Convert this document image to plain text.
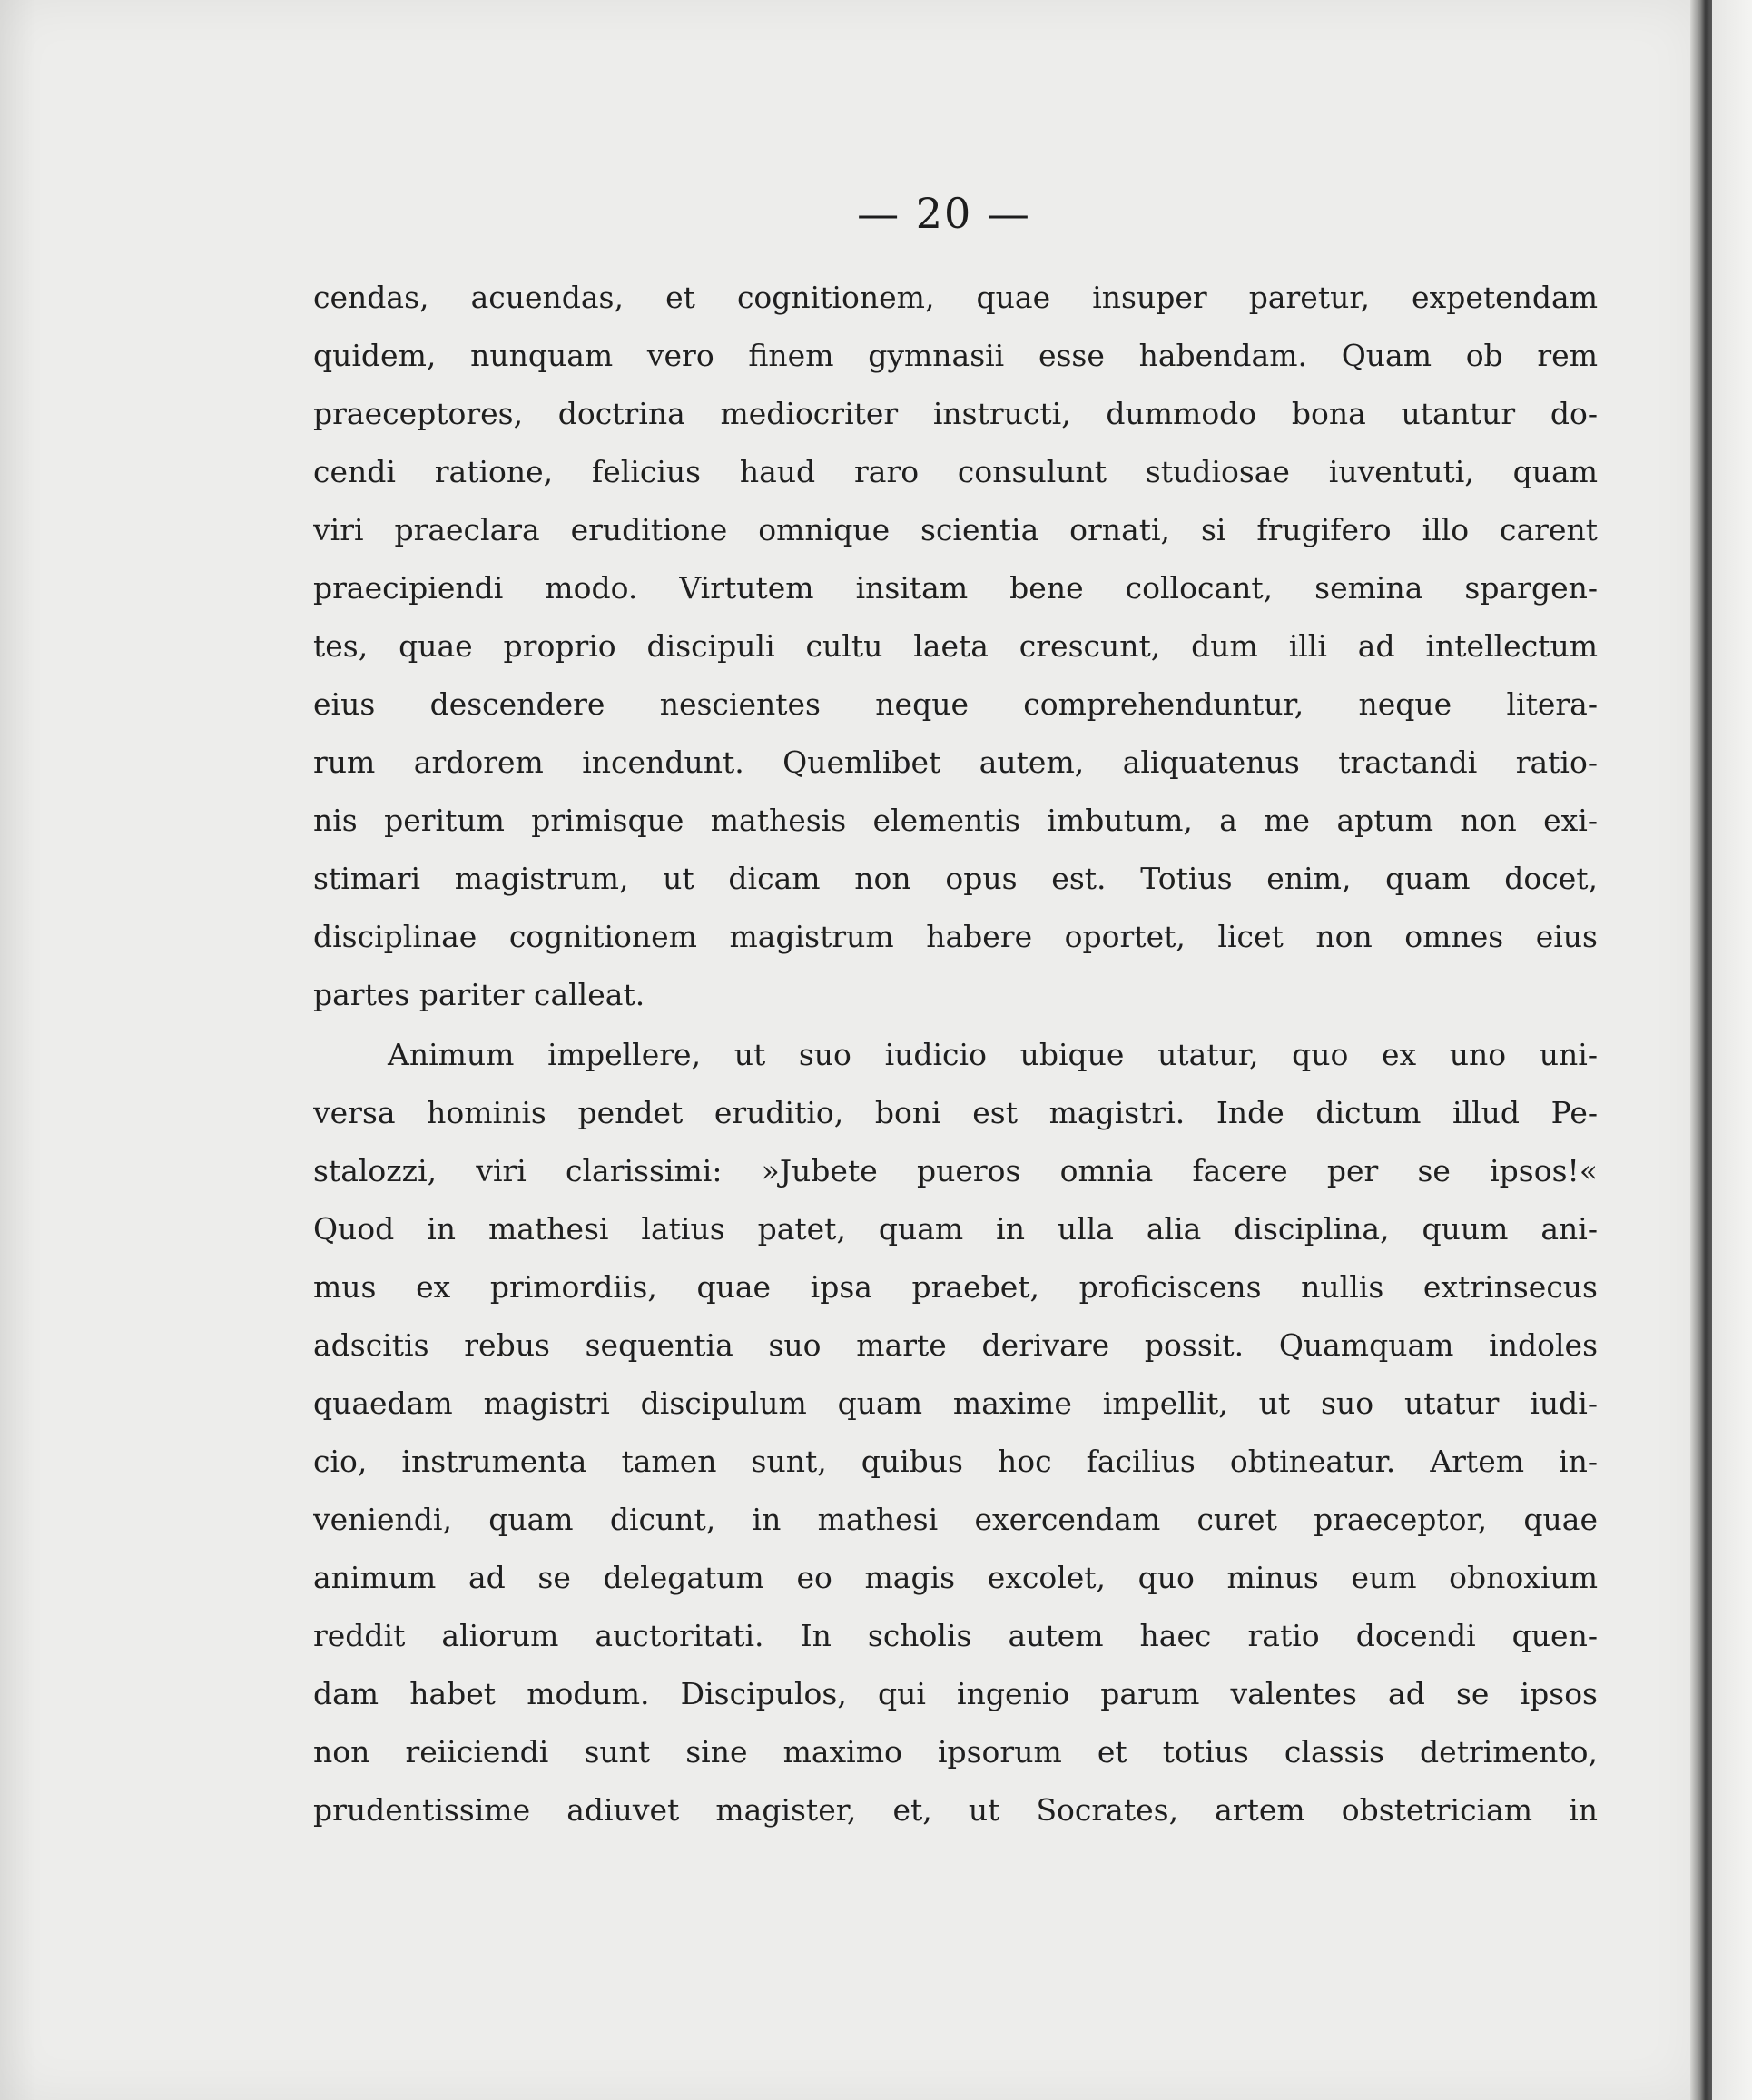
— 20 —
cendas, acuendas, et cognitionem, quae insuper paretur, expetendam
quidem, nunquam vero finem gymnasii esse habendam. Quam ob rem
praeceptores, doctrina mediocriter instructi, dummodo bona utantur do-
cendi ratione, felicius haud raro consulunt studiosae iuventuti, quam
viri praeclara eruditione omnique scientia ornati, si frugifero illo carent
praecipiendi modo. Virtutem insitam bene collocant, semina spargen-
tes, quae proprio discipuli cultu laeta crescunt, dum illi ad intellectum
eius descendere nescientes neque comprehenduntur, neque litera-
rum ardorem incendunt. Quemlibet autem, aliquatenus tractandi ratio-
nis peritum primisque mathesis elementis imbutum, a me aptum non exi-
stimari magistrum, ut dicam non opus est. Totius enim, quam docet,
disciplinae cognitionem magistrum habere oportet, licet non omnes eius
partes pariter calleat.
Animum impellere, ut suo iudicio ubique utatur, quo ex uno uni-
versa hominis pendet eruditio, boni est magistri. Inde dictum illud Pe-
stalozzi, viri clarissimi: »Jubete pueros omnia facere per se ipsos!«
Quod in mathesi latius patet, quam in ulla alia disciplina, quum ani-
mus ex primordiis, quae ipsa praebet, proficiscens nullis extrinsecus
adscitis rebus sequentia suo marte derivare possit. Quamquam indoles
quaedam magistri discipulum quam maxime impellit, ut suo utatur iudi-
cio, instrumenta tamen sunt, quibus hoc facilius obtineatur. Artem in-
veniendi, quam dicunt, in mathesi exercendam curet praeceptor, quae
animum ad se delegatum eo magis excolet, quo minus eum obnoxium
reddit aliorum auctoritati. In scholis autem haec ratio docendi quen-
dam habet modum. Discipulos, qui ingenio parum valentes ad se ipsos
non reiiciendi sunt sine maximo ipsorum et totius classis detrimento,
prudentissime adiuvet magister, et, ut Socrates, artem obstetriciam in
